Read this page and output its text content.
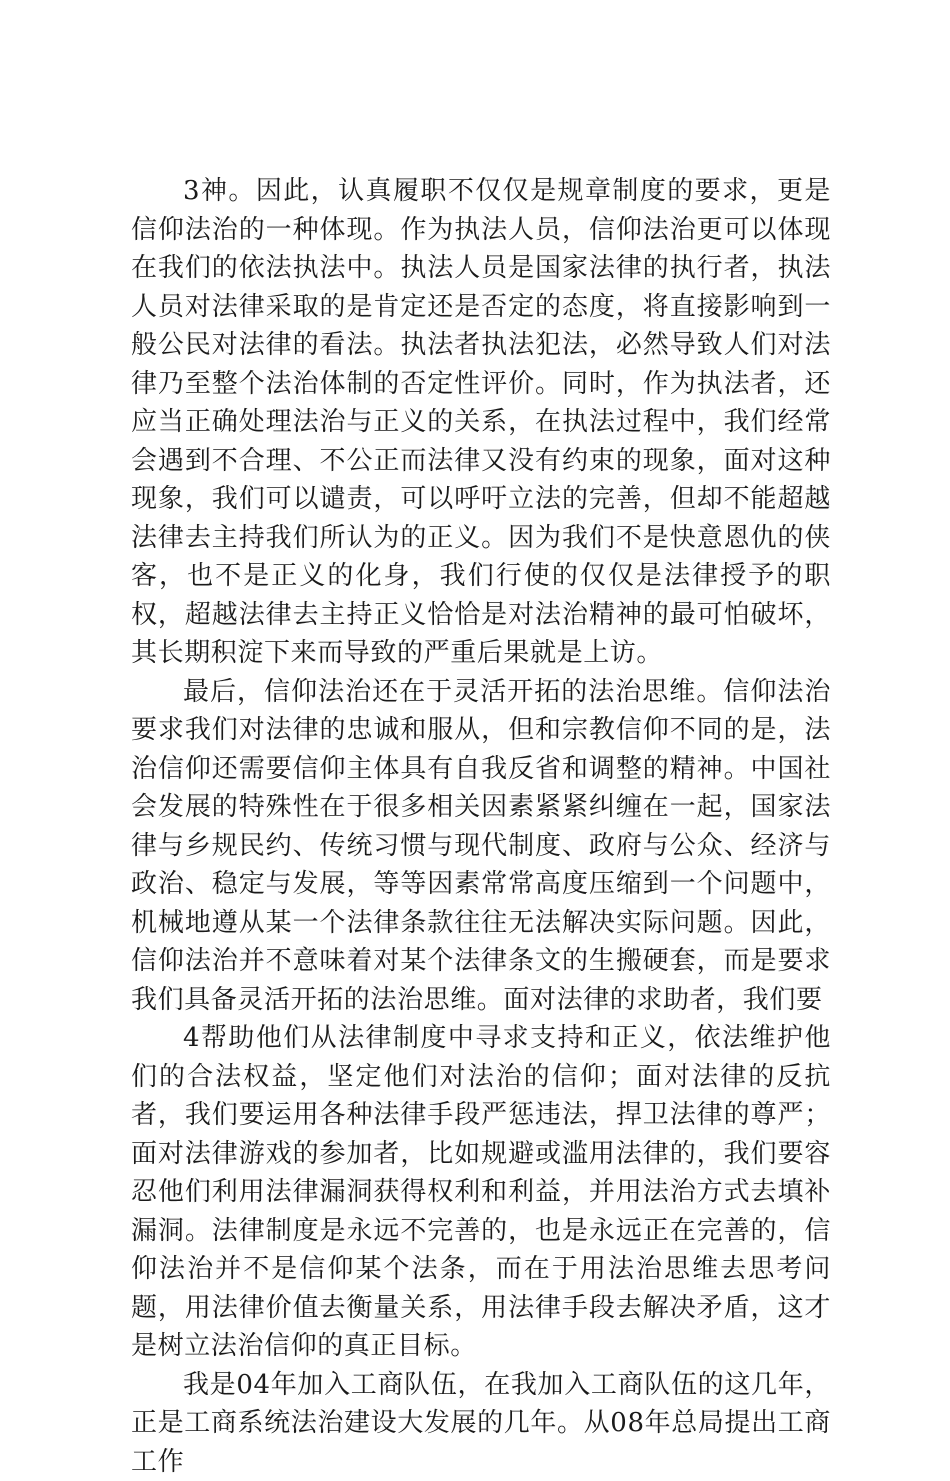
3神。因此，认真履职不仅仅是规章制度的要求，更是信仰法治的一种体现。作为执法人员，信仰法治更可以体现在我们的依法执法中。执法人员是国家法律的执行者，执法人员对法律采取的是肯定还是否定的态度，将直接影响到一般公民对法律的看法。执法者执法犯法，必然导致人们对法律乃至整个法治体制的否定性评价。同时，作为执法者，还应当正确处理法治与正义的关系，在执法过程中，我们经常会遇到不合理、不公正而法律又没有约束的现象，面对这种现象，我们可以谴责，可以呼吁立法的完善，但却不能超越法律去主持我们所认为的正义。因为我们不是快意恩仇的侠客，也不是正义的化身，我们行使的仅仅是法律授予的职权，超越法律去主持正义恰恰是对法治精神的最可怕破坏，其长期积淀下来而导致的严重后果就是上访。

最后，信仰法治还在于灵活开拓的法治思维。信仰法治要求我们对法律的忠诚和服从，但和宗教信仰不同的是，法治信仰还需要信仰主体具有自我反省和调整的精神。中国社会发展的特殊性在于很多相关因素紧紧纠缠在一起，国家法律与乡规民约、传统习惯与现代制度、政府与公众、经济与政治、稳定与发展，等等因素常常高度压缩到一个问题中，机械地遵从某一个法律条款往往无法解决实际问题。因此，信仰法治并不意味着对某个法律条文的生搬硬套，而是要求我们具备灵活开拓的法治思维。面对法律的求助者，我们要

4帮助他们从法律制度中寻求支持和正义，依法维护他们的合法权益，坚定他们对法治的信仰；面对法律的反抗者，我们要运用各种法律手段严惩违法，捍卫法律的尊严；面对法律游戏的参加者，比如规避或滥用法律的，我们要容忍他们利用法律漏洞获得权利和利益，并用法治方式去填补漏洞。法律制度是永远不完善的，也是永远正在完善的，信仰法治并不是信仰某个法条，而在于用法治思维去思考问题，用法律价值去衡量关系，用法律手段去解决矛盾，这才是树立法治信仰的真正目标。

我是04年加入工商队伍，在我加入工商队伍的这几年，正是工商系统法治建设大发展的几年。从08年总局提出工商工作
